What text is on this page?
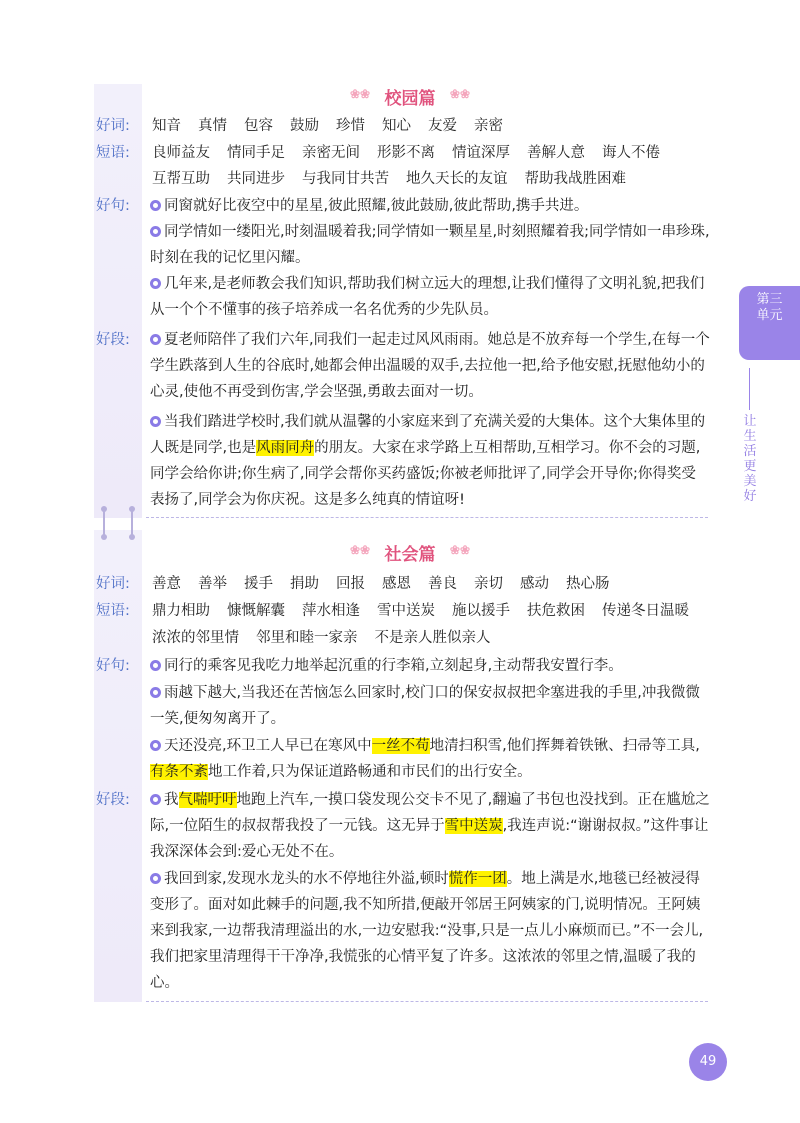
❀❀ 校园篇 ❀❀
好词: 知音 真情 包容 鼓励 珍惜 知心 友爱 亲密
短语: 良师益友 情同手足 亲密无间 形影不离 情谊深厚 善解人意 诲人不倦
互帮互助 共同进步 与我同甘共苦 地久天长的友谊 帮助我战胜困难
好句:	同窗就好比夜空中的星星,彼此照耀,彼此鼓励,彼此帮助,携手共进。
同学情如一缕阳光,时刻温暖着我;同学情如一颗星星,时刻照耀着我;同学情如一串珍珠,时刻在我的记忆里闪耀。
几年来,是老师教会我们知识,帮助我们树立远大的理想,让我们懂得了文明礼貌,把我们从一个个不懂事的孩子培养成一名名优秀的少先队员。
好段:	夏老师陪伴了我们六年,同我们一起走过风风雨雨。她总是不放弃每一个学生,在每一个学生跌落到人生的谷底时,她都会伸出温暖的双手,去拉他一把,给予他安慰,抚慰他幼小的心灵,使他不再受到伤害,学会坚强,勇敢去面对一切。
当我们踏进学校时,我们就从温馨的小家庭来到了充满关爱的大集体。这个大集体里的人既是同学,也是风雨同舟的朋友。大家在求学路上互相帮助,互相学习。你不会的习题,同学会给你讲;你生病了,同学会帮你买药盛饭;你被老师批评了,同学会开导你;你得奖受表扬了,同学会为你庆祝。这是多么纯真的情谊呀!
❀❀ 社会篇 ❀❀
好词: 善意 善举 援手 捐助 回报 感恩 善良 亲切 感动 热心肠
短语: 鼎力相助 慷慨解囊 萍水相逢 雪中送炭 施以援手 扶危救困 传递冬日温暖
浓浓的邻里情 邻里和睦一家亲 不是亲人胜似亲人
好句:	同行的乘客见我吃力地举起沉重的行李箱,立刻起身,主动帮我安置行李。
雨越下越大,当我还在苦恼怎么回家时,校门口的保安叔叔把伞塞进我的手里,冲我微微一笑,便匆匆离开了。
天还没亮,环卫工人早已在寒风中一丝不苟地清扫积雪,他们挥舞着铁锹、扫帚等工具,有条不紊地工作着,只为保证道路畅通和市民们的出行安全。
好段:	我气喘吁吁地跑上汽车,一摸口袋发现公交卡不见了,翻遍了书包也没找到。正在尴尬之际,一位陌生的叔叔帮我投了一元钱。这无异于雪中送炭,我连声说:“谢谢叔叔。”这件事让我深深体会到:爱心无处不在。
我回到家,发现水龙头的水不停地往外溢,顿时慌作一团。地上满是水,地毯已经被浸得变形了。面对如此棘手的问题,我不知所措,便敲开邻居王阿姨家的门,说明情况。王阿姨来到我家,一边帮我清理溢出的水,一边安慰我:“没事,只是一点儿小麻烦而已。”不一会儿,我们把家里清理得干干净净,我慌张的心情平复了许多。这浓浓的邻里之情,温暖了我的心。
第三单元
让生活更美好
49
